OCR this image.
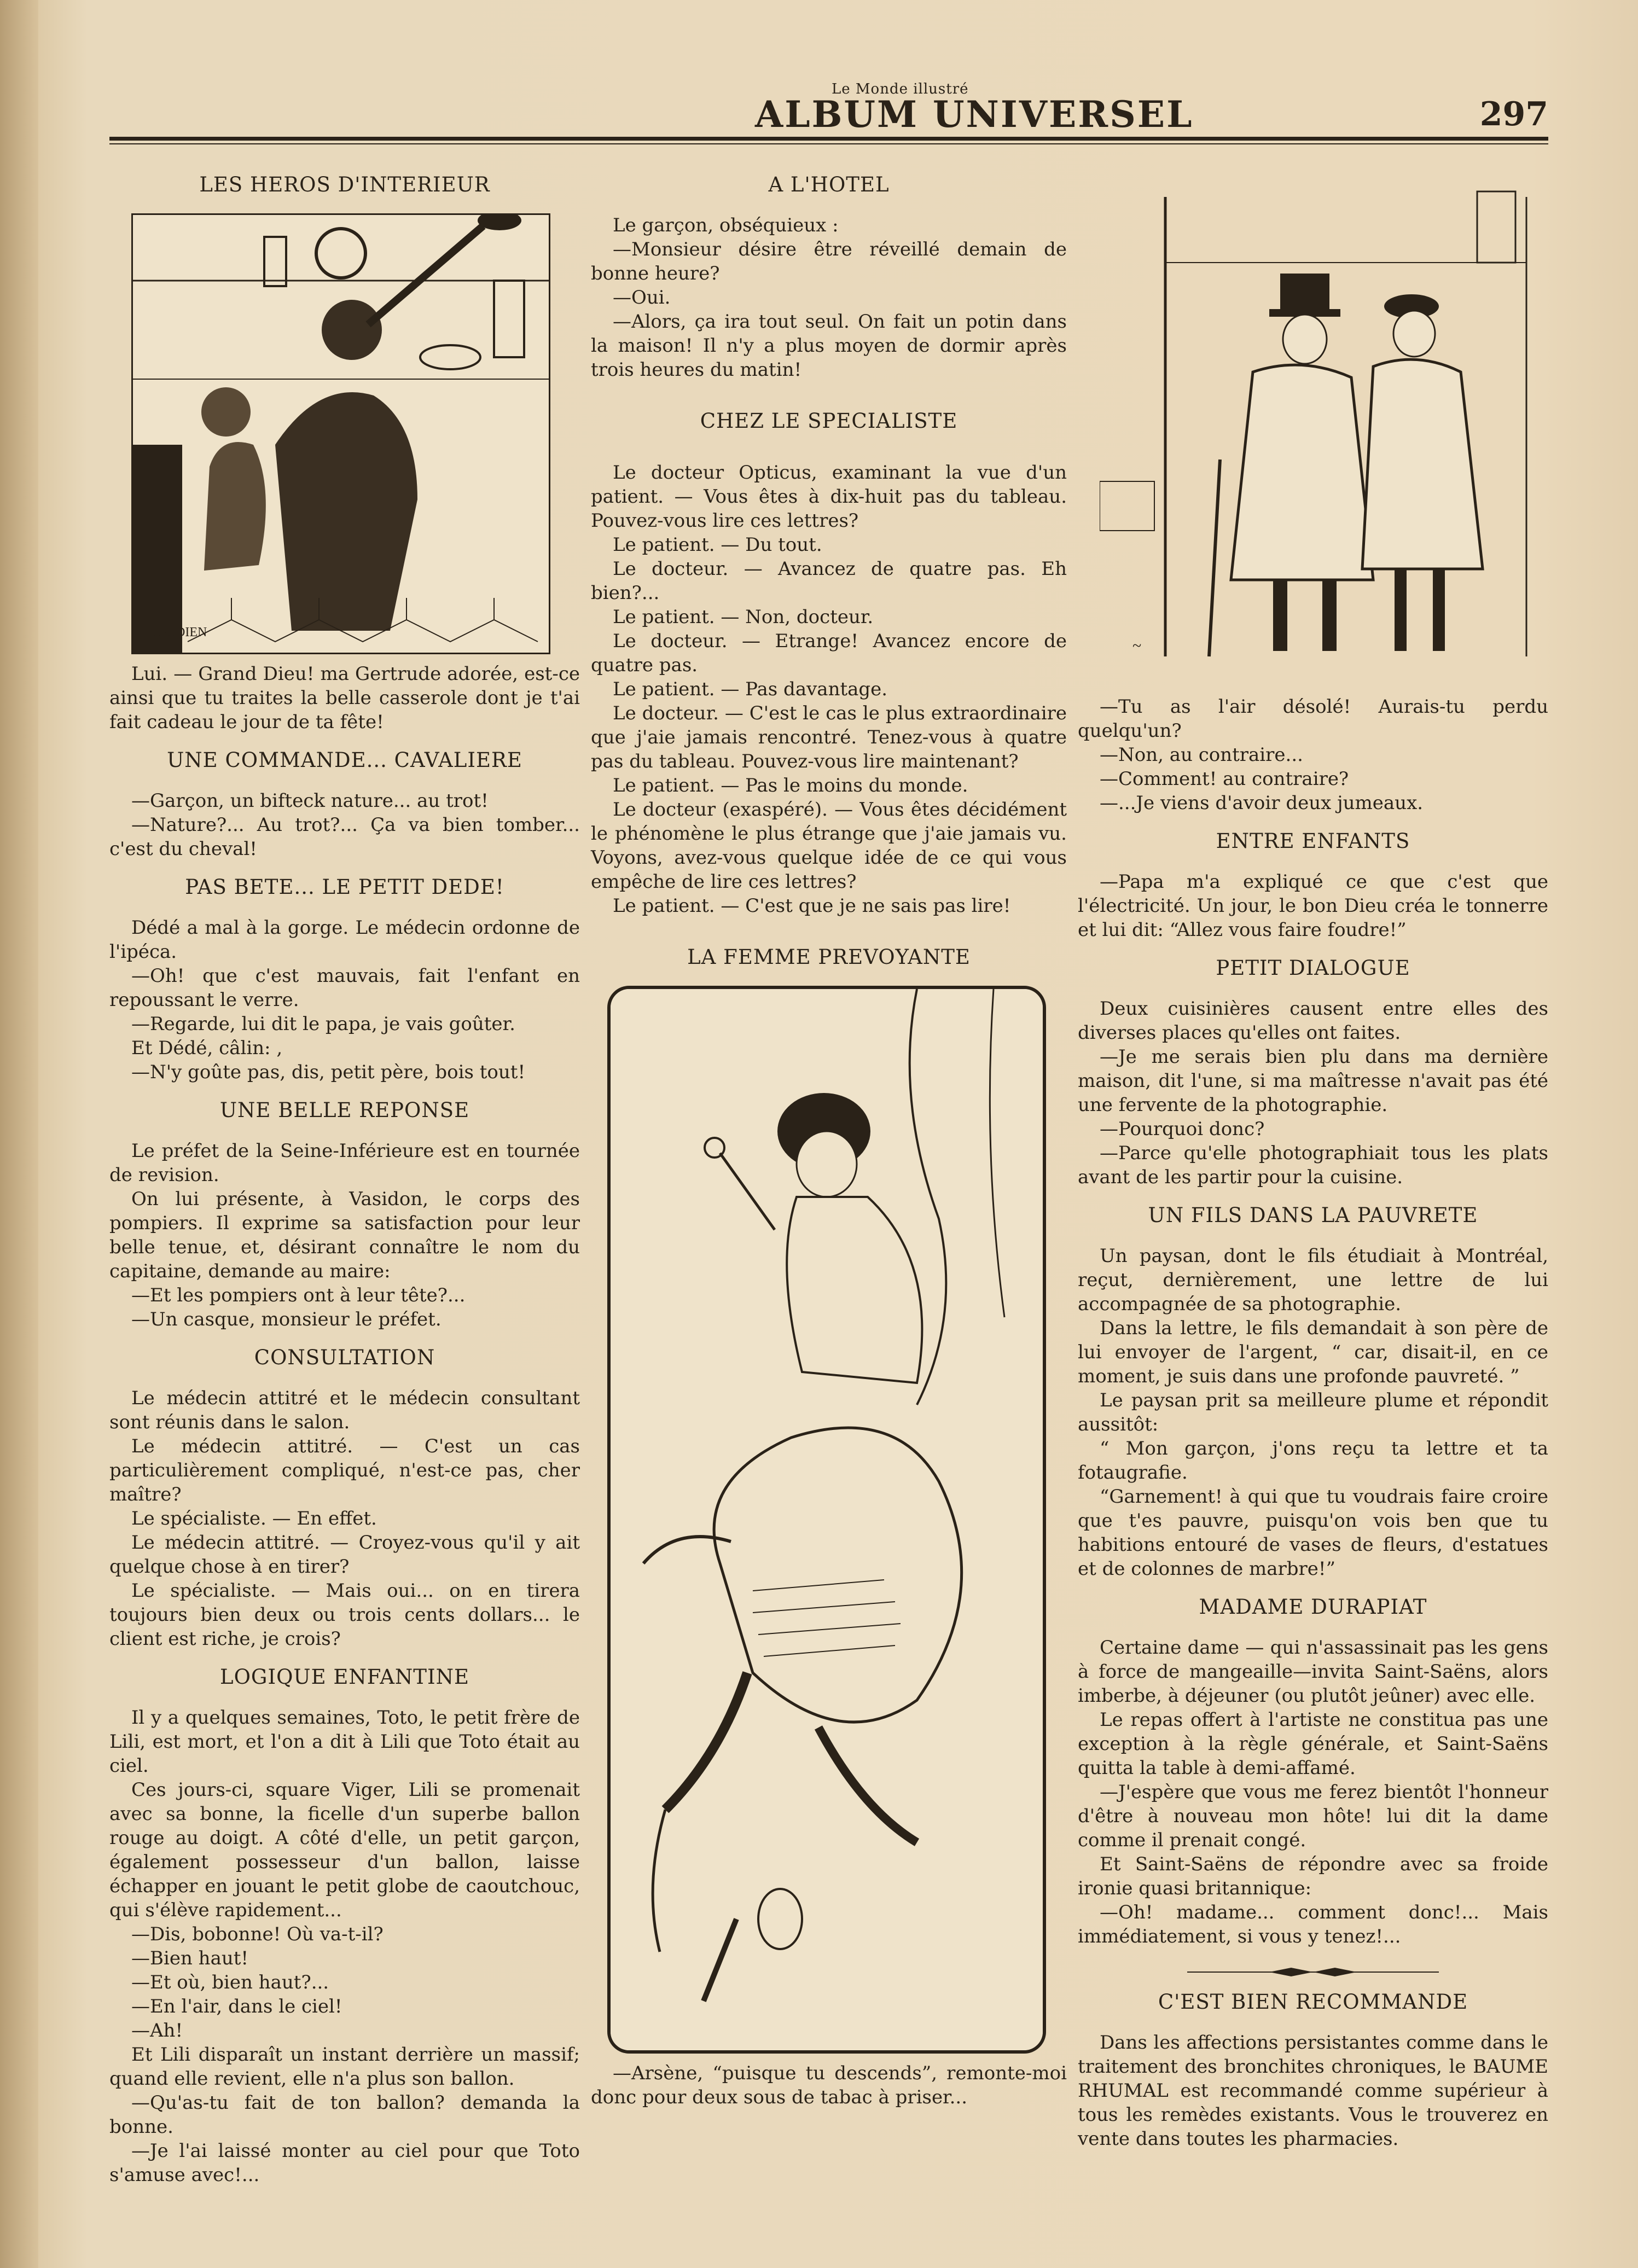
Le Monde illustré
ALBUM UNIVERSEL	297
LES HEROS D'INTERIEUR
H.GODIEN

Lui. — Grand Dieu! ma Gertrude adorée, est-ce ainsi que tu traites la belle casserole dont je t'ai fait cadeau le jour de ta fête!

UNE COMMANDE... CAVALIERE

—Garçon, un bifteck nature... au trot!

—Nature?... Au trot?... Ça va bien tomber... c'est du cheval!

PAS BETE... LE PETIT DEDE!

Dédé a mal à la gorge. Le médecin ordonne de l'ipéca.

—Oh! que c'est mauvais, fait l'enfant en repoussant le verre.

—Regarde, lui dit le papa, je vais goûter.

Et Dédé, câlin: ,

—N'y goûte pas, dis, petit père, bois tout!

UNE BELLE REPONSE

Le préfet de la Seine-Inférieure est en tournée de revision.

On lui présente, à Vasidon, le corps des pompiers. Il exprime sa satisfaction pour leur belle tenue, et, désirant connaître le nom du capitaine, demande au maire:

—Et les pompiers ont à leur tête?...

—Un casque, monsieur le préfet.

CONSULTATION

Le médecin attitré et le médecin consultant sont réunis dans le salon.

Le médecin attitré. — C'est un cas particulièrement compliqué, n'est-ce pas, cher maître?

Le spécialiste. — En effet.

Le médecin attitré. — Croyez-vous qu'il y ait quelque chose à en tirer?

Le spécialiste. — Mais oui... on en tirera toujours bien deux ou trois cents dollars... le client est riche, je crois?

LOGIQUE ENFANTINE

Il y a quelques semaines, Toto, le petit frère de Lili, est mort, et l'on a dit à Lili que Toto était au ciel.

Ces jours-ci, square Viger, Lili se promenait avec sa bonne, la ficelle d'un superbe ballon rouge au doigt. A côté d'elle, un petit garçon, également possesseur d'un ballon, laisse échapper en jouant le petit globe de caoutchouc, qui s'élève rapidement...

—Dis, bobonne! Où va-t-il?

—Bien haut!

—Et où, bien haut?...

—En l'air, dans le ciel!

—Ah!

Et Lili disparaît un instant derrière un massif; quand elle revient, elle n'a plus son ballon.

—Qu'as-tu fait de ton ballon? demanda la bonne.

—Je l'ai laissé monter au ciel pour que Toto s'amuse avec!...

A L'HOTEL

Le garçon, obséquieux :

—Monsieur désire être réveillé demain de bonne heure?

—Oui.

—Alors, ça ira tout seul. On fait un potin dans la maison! Il n'y a plus moyen de dormir après trois heures du matin!

CHEZ LE SPECIALISTE

Le docteur Opticus, examinant la vue d'un patient. — Vous êtes à dix-huit pas du tableau. Pouvez-vous lire ces lettres?

Le patient. — Du tout.

Le docteur. — Avancez de quatre pas. Eh bien?...

Le patient. — Non, docteur.

Le docteur. — Etrange! Avancez encore de quatre pas.

Le patient. — Pas davantage.

Le docteur. — C'est le cas le plus extraordinaire que j'aie jamais rencontré. Tenez-vous à quatre pas du tableau. Pouvez-vous lire maintenant?

Le patient. — Pas le moins du monde.

Le docteur (exaspéré). — Vous êtes décidément le phénomène le plus étrange que j'aie jamais vu. Voyons, avez-vous quelque idée de ce qui vous empêche de lire ces lettres?

Le patient. — C'est que je ne sais pas lire!

LA FEMME PREVOYANTE

—Arsène, “puisque tu descends”, remonte-moi donc pour deux sous de tabac à priser...

~

—Tu as l'air désolé! Aurais-tu perdu quelqu'un?

—Non, au contraire...

—Comment! au contraire?

—...Je viens d'avoir deux jumeaux.

ENTRE ENFANTS

—Papa m'a expliqué ce que c'est que l'électricité. Un jour, le bon Dieu créa le tonnerre et lui dit: “Allez vous faire foudre!”

PETIT DIALOGUE

Deux cuisinières causent entre elles des diverses places qu'elles ont faites.

—Je me serais bien plu dans ma dernière maison, dit l'une, si ma maîtresse n'avait pas été une fervente de la photographie.

—Pourquoi donc?

—Parce qu'elle photographiait tous les plats avant de les partir pour la cuisine.

UN FILS DANS LA PAUVRETE

Un paysan, dont le fils étudiait à Montréal, reçut, dernièrement, une lettre de lui accompagnée de sa photographie.

Dans la lettre, le fils demandait à son père de lui envoyer de l'argent, “ car, disait-il, en ce moment, je suis dans une profonde pauvreté. ”

Le paysan prit sa meilleure plume et répondit aussitôt:

“ Mon garçon, j'ons reçu ta lettre et ta fotaugrafie.

“Garnement! à qui que tu voudrais faire croire que t'es pauvre, puisqu'on vois ben que tu habitions entouré de vases de fleurs, d'estatues et de colonnes de marbre!”

MADAME DURAPIAT

Certaine dame — qui n'assassinait pas les gens à force de mangeaille—invita Saint-Saëns, alors imberbe, à déjeuner (ou plutôt jeûner) avec elle.

Le repas offert à l'artiste ne constitua pas une exception à la règle générale, et Saint-Saëns quitta la table à demi-affamé.

—J'espère que vous me ferez bientôt l'honneur d'être à nouveau mon hôte! lui dit la dame comme il prenait congé.

Et Saint-Saëns de répondre avec sa froide ironie quasi britannique:

—Oh! madame... comment donc!... Mais immédiatement, si vous y tenez!...

C'EST BIEN RECOMMANDE

Dans les affections persistantes comme dans le traitement des bronchites chroniques, le BAUME RHUMAL est recommandé comme supérieur à tous les remèdes existants. Vous le trouverez en vente dans toutes les pharmacies.
